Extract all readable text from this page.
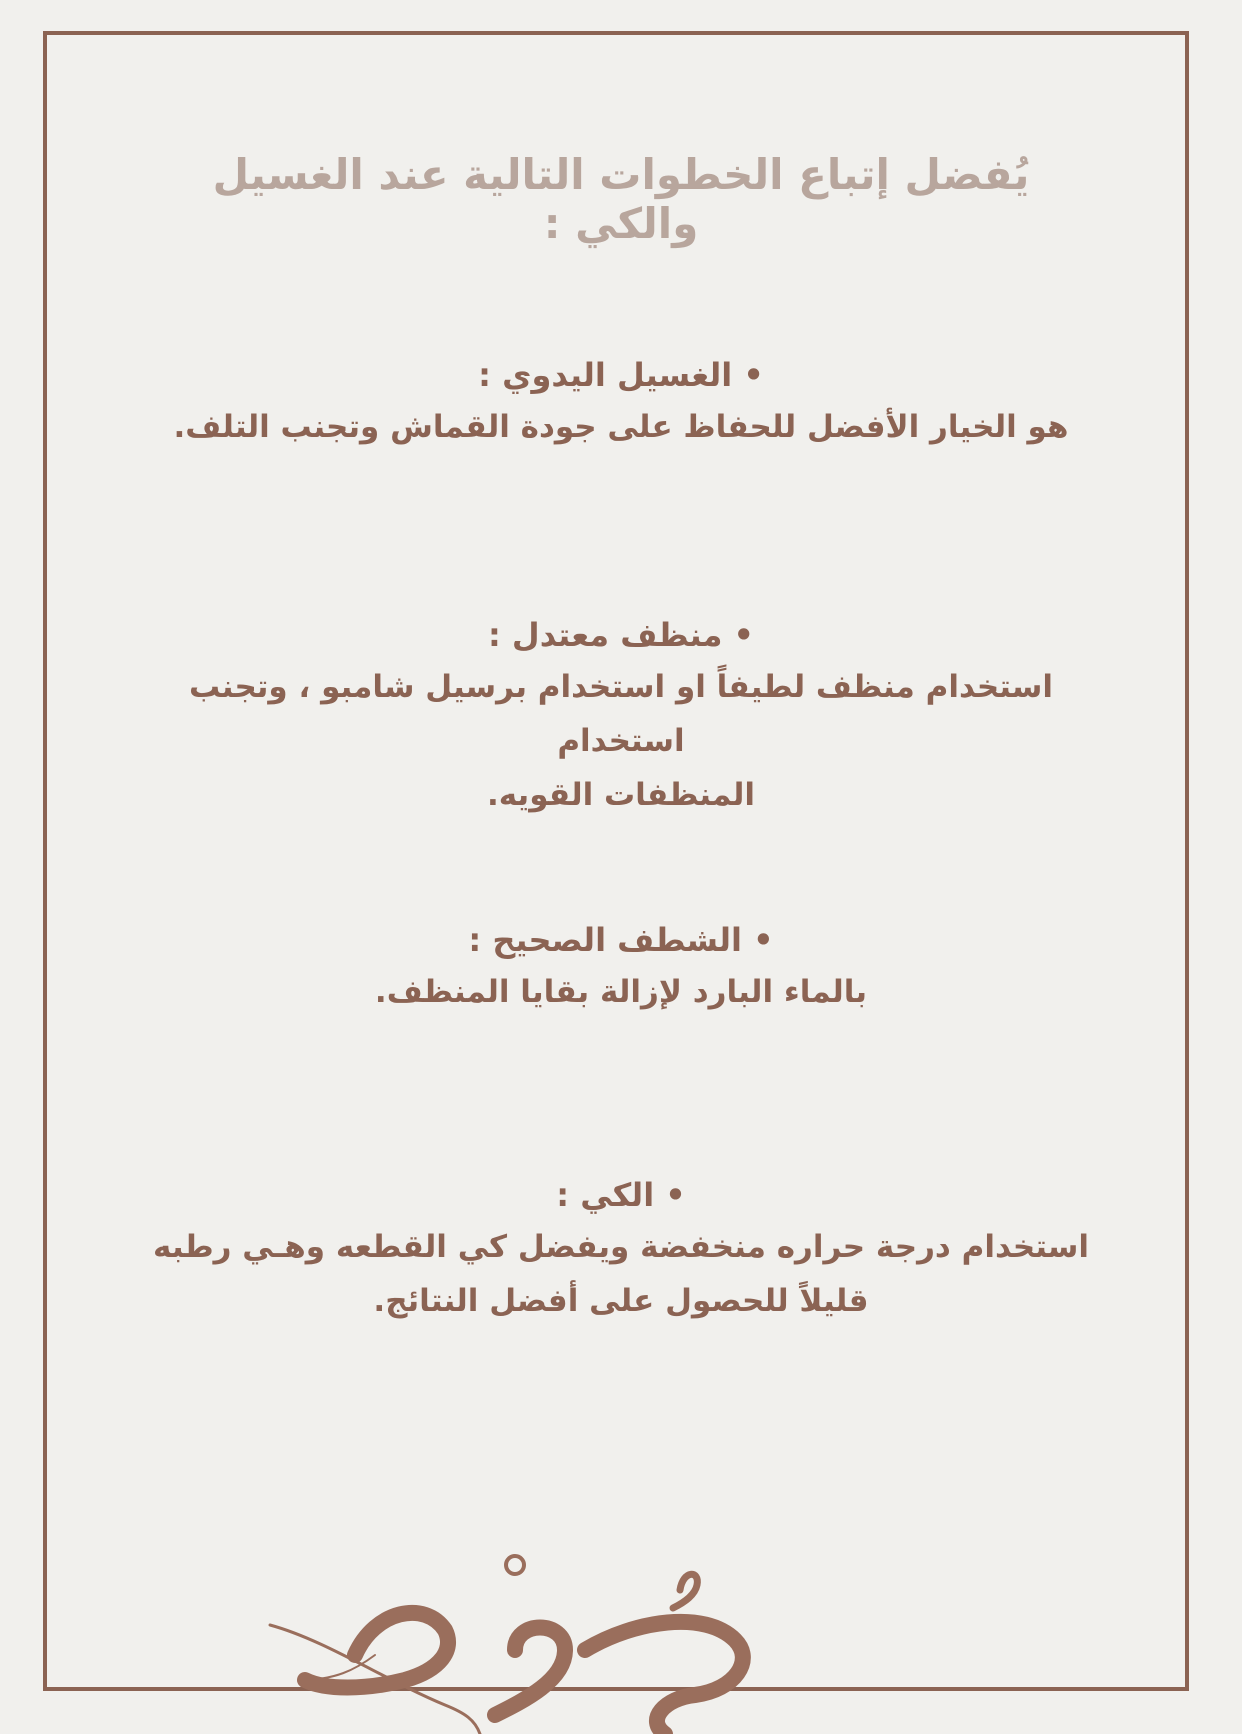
يُفضل إتباع الخطوات التالية عند الغسيل والكي :
• الغسيل اليدوي :
هو الخيار الأفضل للحفاظ على جودة القماش وتجنب التلف.
• منظف معتدل :
استخدام منظف لطيفاً او استخدام برسيل شامبو ، وتجنب استخدام
المنظفات القويه.
• الشطف الصحيح :
بالماء البارد لإزالة بقايا المنظف.
• الكي :
استخدام درجة حراره منخفضة ويفضل كي القطعه وهـي رطبه
قليلاً للحصول على أفضل النتائج.
